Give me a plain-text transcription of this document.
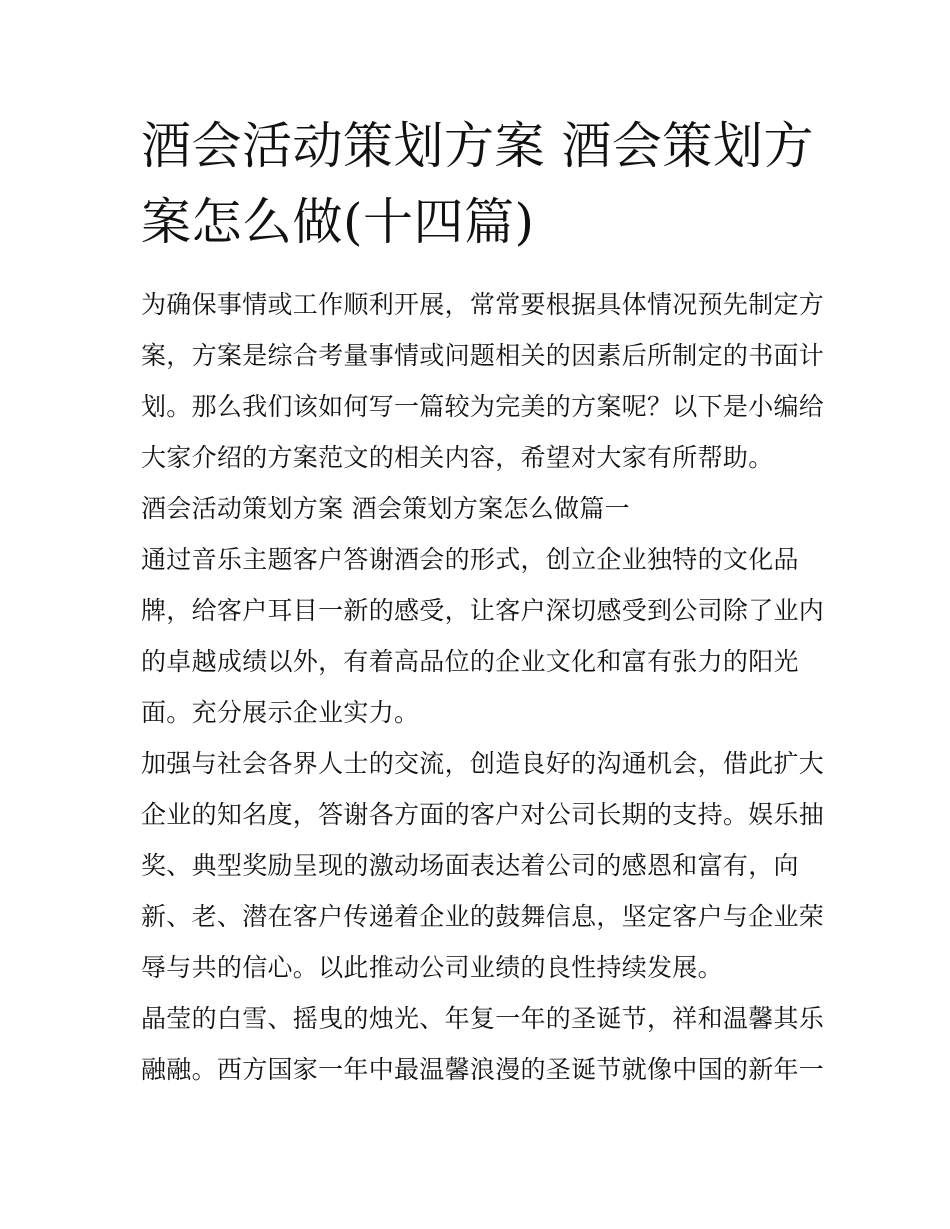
酒会活动策划方案 酒会策划方
案怎么做(十四篇)
为确保事情或工作顺利开展，常常要根据具体情况预先制定方
案，方案是综合考量事情或问题相关的因素后所制定的书面计
划。那么我们该如何写一篇较为完美的方案呢？以下是小编给
大家介绍的方案范文的相关内容，希望对大家有所帮助。
酒会活动策划方案 酒会策划方案怎么做篇一
通过音乐主题客户答谢酒会的形式，创立企业独特的文化品
牌，给客户耳目一新的感受，让客户深切感受到公司除了业内
的卓越成绩以外，有着高品位的企业文化和富有张力的阳光
面。充分展示企业实力。
加强与社会各界人士的交流，创造良好的沟通机会，借此扩大
企业的知名度，答谢各方面的客户对公司长期的支持。娱乐抽
奖、典型奖励呈现的激动场面表达着公司的感恩和富有，向
新、老、潜在客户传递着企业的鼓舞信息，坚定客户与企业荣
辱与共的信心。以此推动公司业绩的良性持续发展。
晶莹的白雪、摇曳的烛光、年复一年的圣诞节，祥和温馨其乐
融融。西方国家一年中最温馨浪漫的圣诞节就像中国的新年一
